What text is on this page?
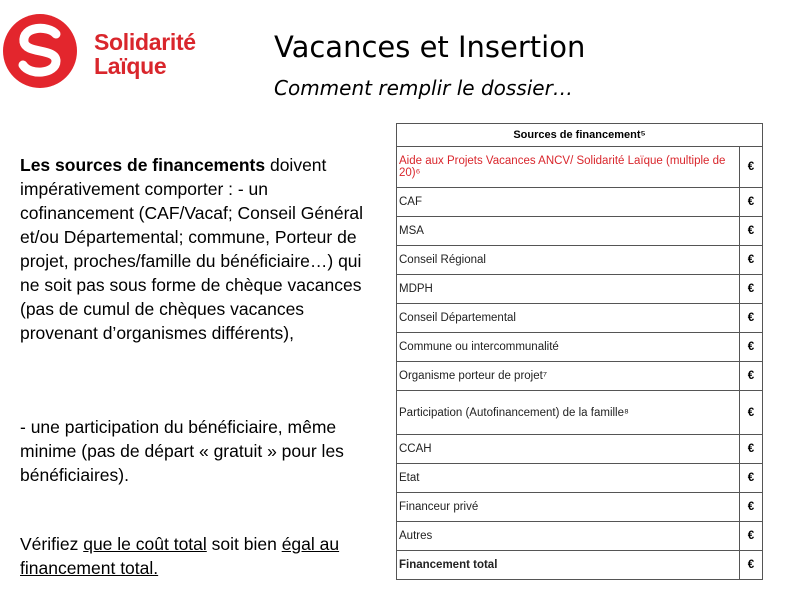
Solidarité
Laïque
Vacances et Insertion
Comment remplir le dossier…
Les sources de financements doivent impérativement comporter : - un cofinancement (CAF/Vacaf; Conseil Général et/ou Départemental; commune, Porteur de projet, proches/famille du bénéficiaire…) qui ne soit pas sous forme de chèque vacances (pas de cumul de chèques vacances provenant d’organismes différents),
- une participation du bénéficiaire, même minime (pas de départ « gratuit » pour les bénéficiaires).
Vérifiez que le coût total soit bien égal au financement total.
Sources de financement⁵	
Aide aux Projets Vacances ANCV/ Solidarité Laïque (multiple de 20)⁶	€
CAF	€
MSA	€
Conseil Régional	€
MDPH	€
Conseil Départemental	€
Commune ou intercommunalité	€
Organisme porteur de projet⁷	€
Participation (Autofinancement) de la famille⁸	€
CCAH	€
Etat	€
Financeur privé	€
Autres	€
Financement total	€
